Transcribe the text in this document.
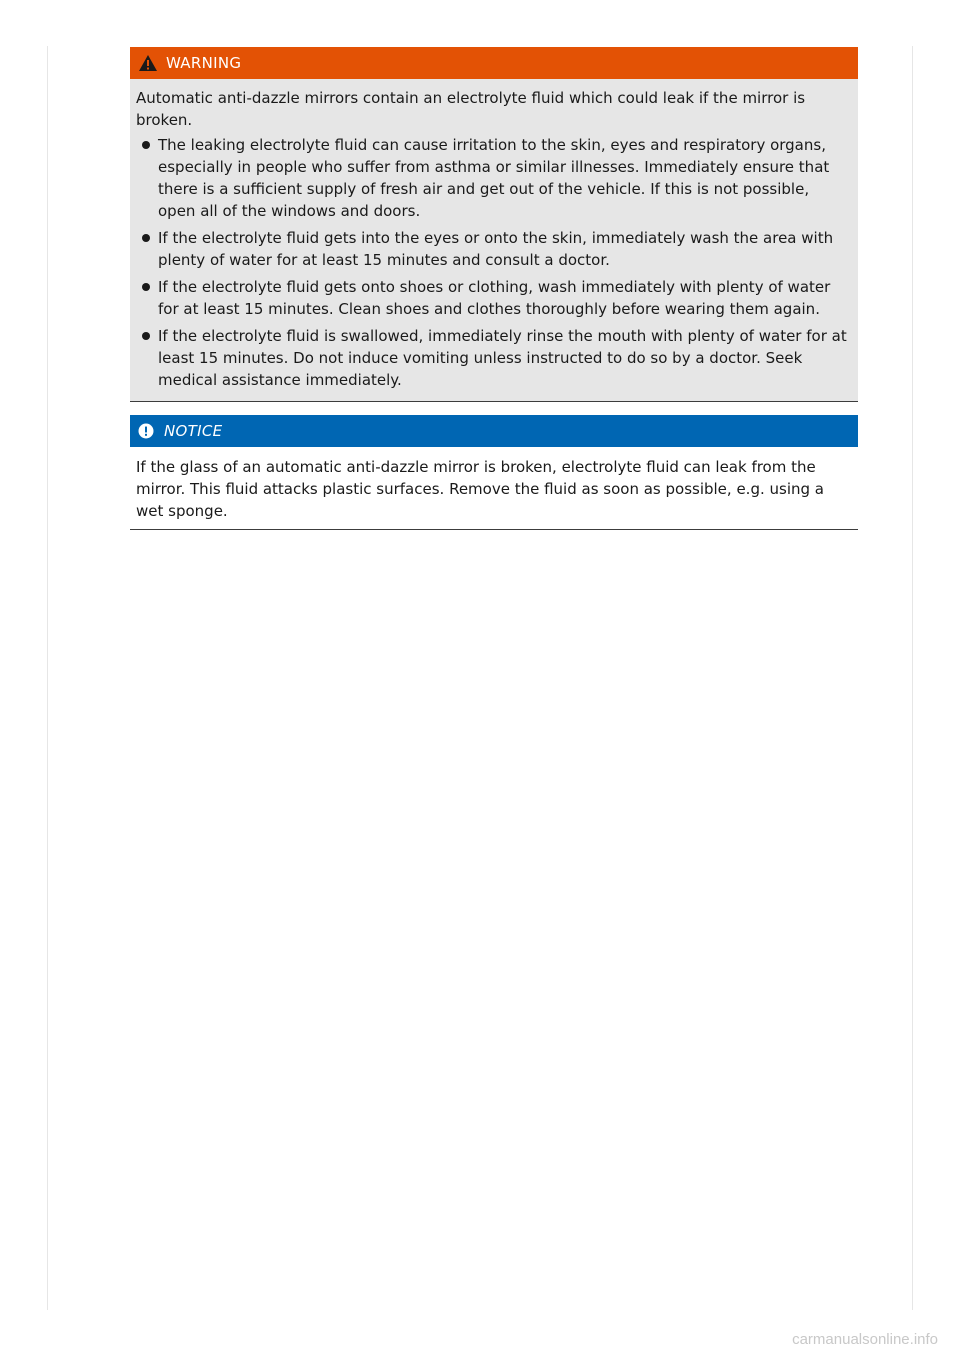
WARNING

Automatic anti-dazzle mirrors contain an electrolyte fluid which could leak if the mirror is broken.

The leaking electrolyte fluid can cause irritation to the skin, eyes and respiratory organs, especially in people who suffer from asthma or similar illnesses. Immediately ensure that there is a sufficient supply of fresh air and get out of the vehicle. If this is not possible, open all of the windows and doors.
If the electrolyte fluid gets into the eyes or onto the skin, immediately wash the area with plenty of water for at least 15 minutes and consult a doctor.
If the electrolyte fluid gets onto shoes or clothing, wash immediately with plenty of water for at least 15 minutes. Clean shoes and clothes thoroughly before wearing them again.
If the electrolyte fluid is swallowed, immediately rinse the mouth with plenty of water for at least 15 minutes. Do not induce vomiting unless instructed to do so by a doctor. Seek medical assistance immediately.
NOTICE
If the glass of an automatic anti-dazzle mirror is broken, electrolyte fluid can leak from the mirror. This fluid attacks plastic surfaces. Remove the fluid as soon as possible, e.g. using a wet sponge.
carmanualsonline.info
